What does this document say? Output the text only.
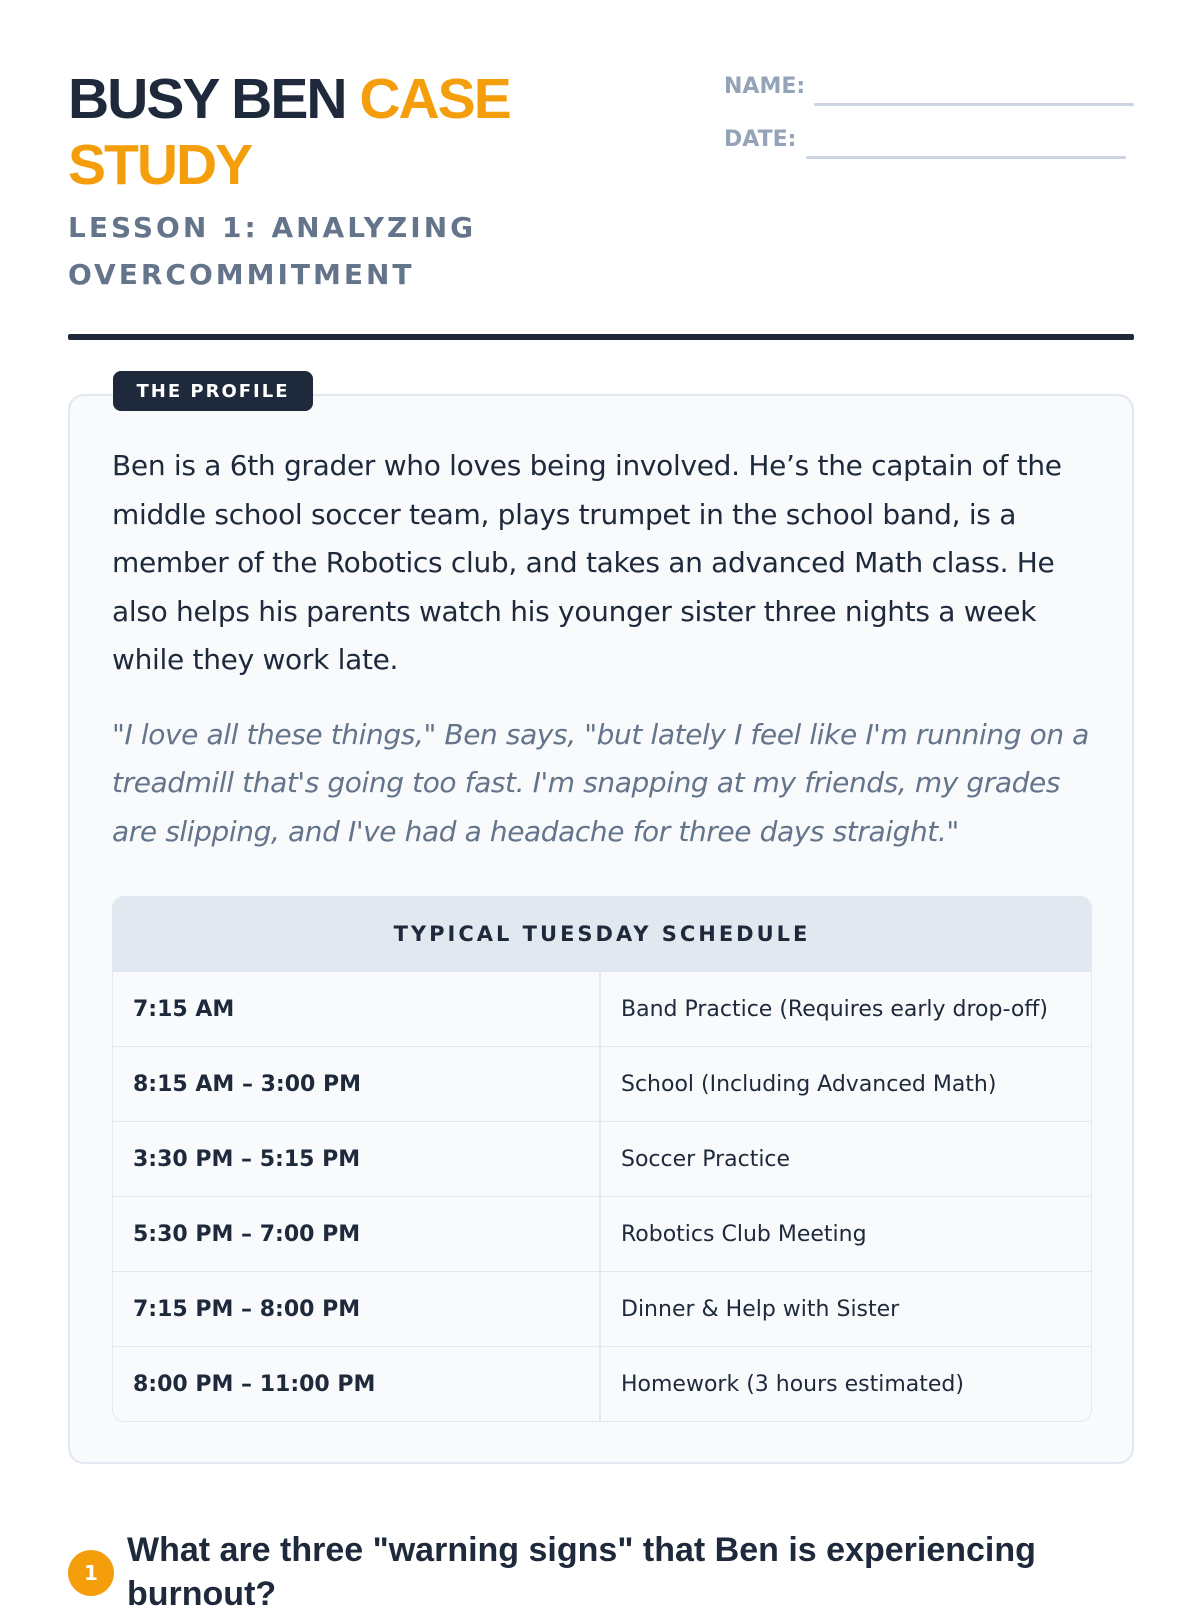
BUSY BEN CASE STUDY

LESSON 1: ANALYZING OVERCOMMITMENT

NAME:
DATE:
THE PROFILE

Ben is a 6th grader who loves being involved. He’s the captain of the middle school soccer team, plays trumpet in the school band, is a member of the Robotics club, and takes an advanced Math class. He also helps his parents watch his younger sister three nights a week while they work late.

"I love all these things," Ben says, "but lately I feel like I'm running on a treadmill that's going too fast. I'm snapping at my friends, my grades are slipping, and I've had a headache for three days straight."

TYPICAL TUESDAY SCHEDULE
7:15 AM	Band Practice (Requires early drop-off)
8:15 AM – 3:00 PM	School (Including Advanced Math)
3:30 PM – 5:15 PM	Soccer Practice
5:30 PM – 7:00 PM	Robotics Club Meeting
7:15 PM – 8:00 PM	Dinner & Help with Sister
8:00 PM – 11:00 PM	Homework (3 hours estimated)
1

What are three "warning signs" that Ben is experiencing burnout?
